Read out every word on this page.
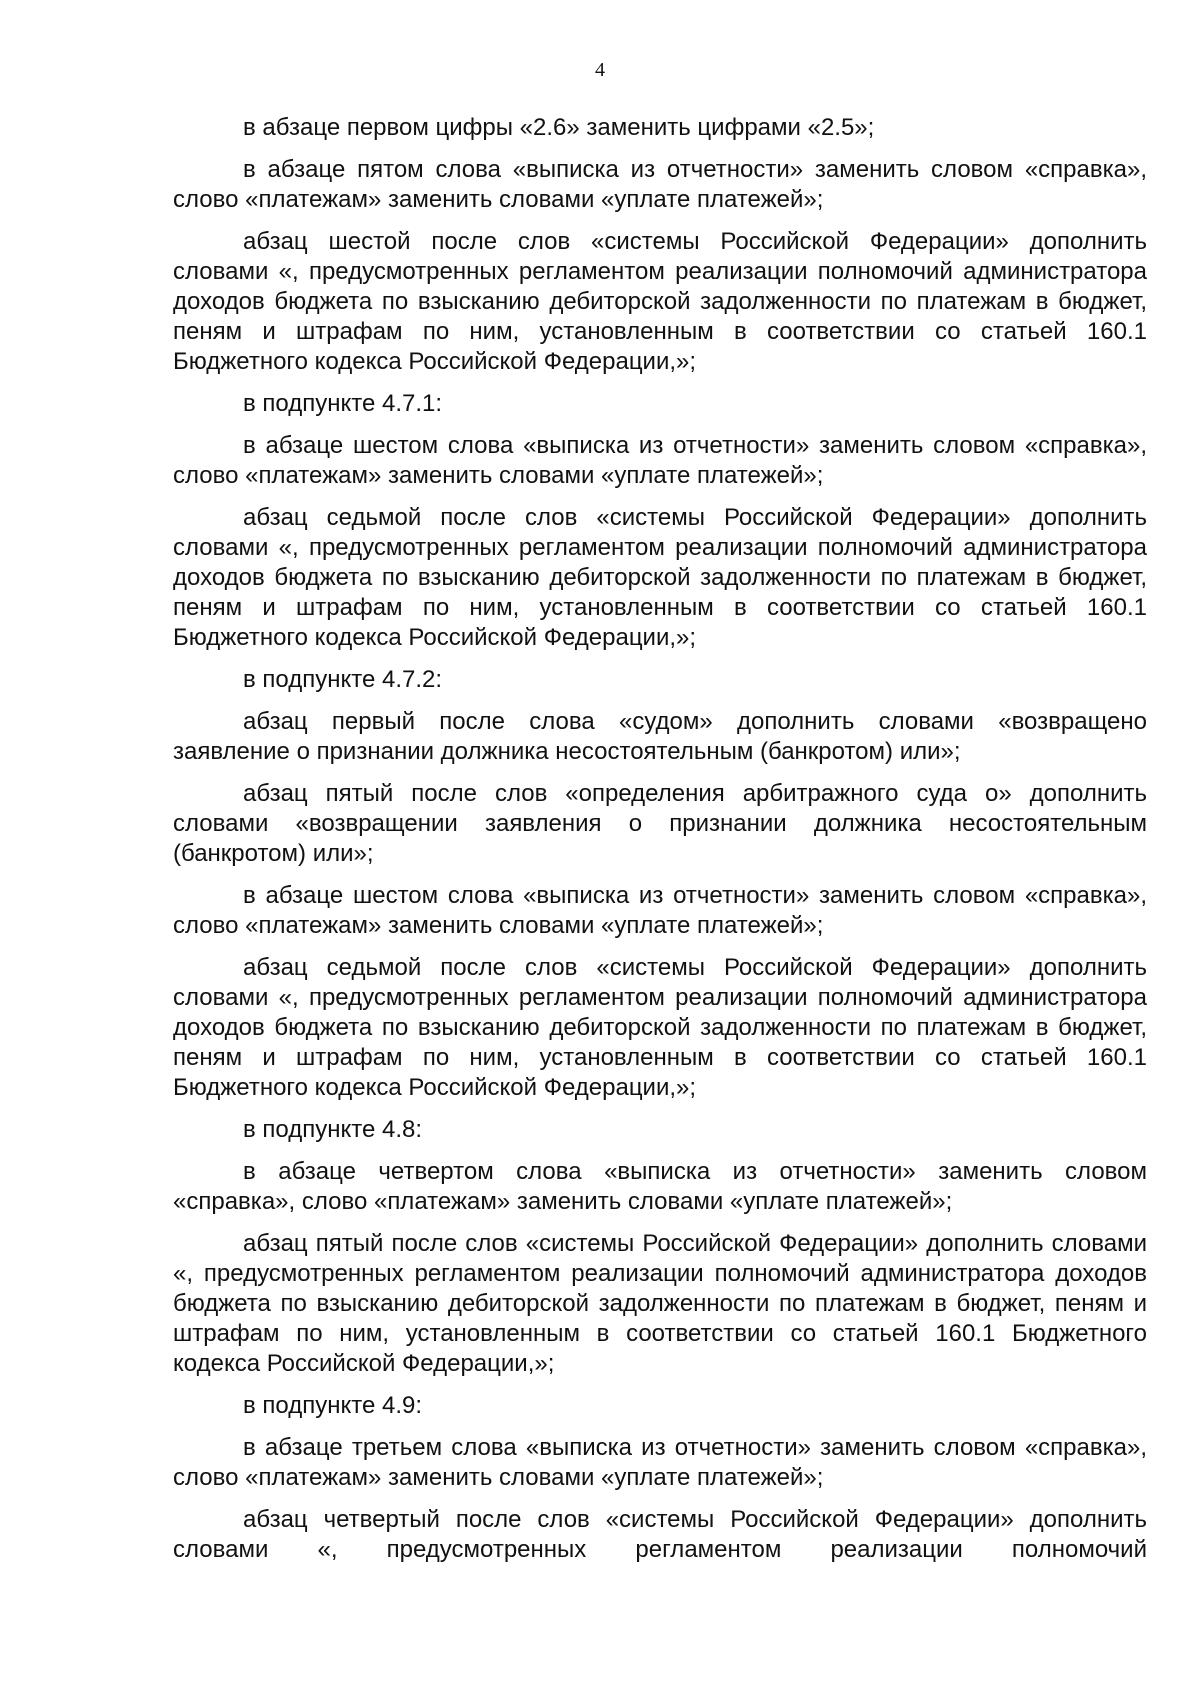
4

в абзаце первом цифры «2.6» заменить цифрами «2.5»;

в абзаце пятом слова «выписка из отчетности» заменить словом «справка», слово «платежам» заменить словами «уплате платежей»;

абзац шестой после слов «системы Российской Федерации» дополнить словами «, предусмотренных регламентом реализации полномочий администратора доходов бюджета по взысканию дебиторской задолженности по платежам в бюджет, пеням и штрафам по ним, установленным в соответствии со статьей 160.1 Бюджетного кодекса Российской Федерации,»;

в подпункте 4.7.1:

в абзаце шестом слова «выписка из отчетности» заменить словом «справка», слово «платежам» заменить словами «уплате платежей»;

абзац седьмой после слов «системы Российской Федерации» дополнить словами «, предусмотренных регламентом реализации полномочий администратора доходов бюджета по взысканию дебиторской задолженности по платежам в бюджет, пеням и штрафам по ним, установленным в соответствии со статьей 160.1 Бюджетного кодекса Российской Федерации,»;

в подпункте 4.7.2:

абзац первый после слова «судом» дополнить словами «возвращено заявление о признании должника несостоятельным (банкротом) или»;

абзац пятый после слов «определения арбитражного суда о» дополнить словами «возвращении заявления о признании должника несостоятельным (банкротом) или»;

в абзаце шестом слова «выписка из отчетности» заменить словом «справка», слово «платежам» заменить словами «уплате платежей»;

абзац седьмой после слов «системы Российской Федерации» дополнить словами «, предусмотренных регламентом реализации полномочий администратора доходов бюджета по взысканию дебиторской задолженности по платежам в бюджет, пеням и штрафам по ним, установленным в соответствии со статьей 160.1 Бюджетного кодекса Российской Федерации,»;

в подпункте 4.8:

в абзаце четвертом слова «выписка из отчетности» заменить словом «справка», слово «платежам» заменить словами «уплате платежей»;

абзац пятый после слов «системы Российской Федерации» дополнить словами «, предусмотренных регламентом реализации полномочий администратора доходов бюджета по взысканию дебиторской задолженности по платежам в бюджет, пеням и штрафам по ним, установленным в соответствии со статьей 160.1 Бюджетного кодекса Российской Федерации,»;

в подпункте 4.9:

в абзаце третьем слова «выписка из отчетности» заменить словом «справка», слово «платежам» заменить словами «уплате платежей»;

абзац четвертый после слов «системы Российской Федерации» дополнить словами «, предусмотренных регламентом реализации полномочий
